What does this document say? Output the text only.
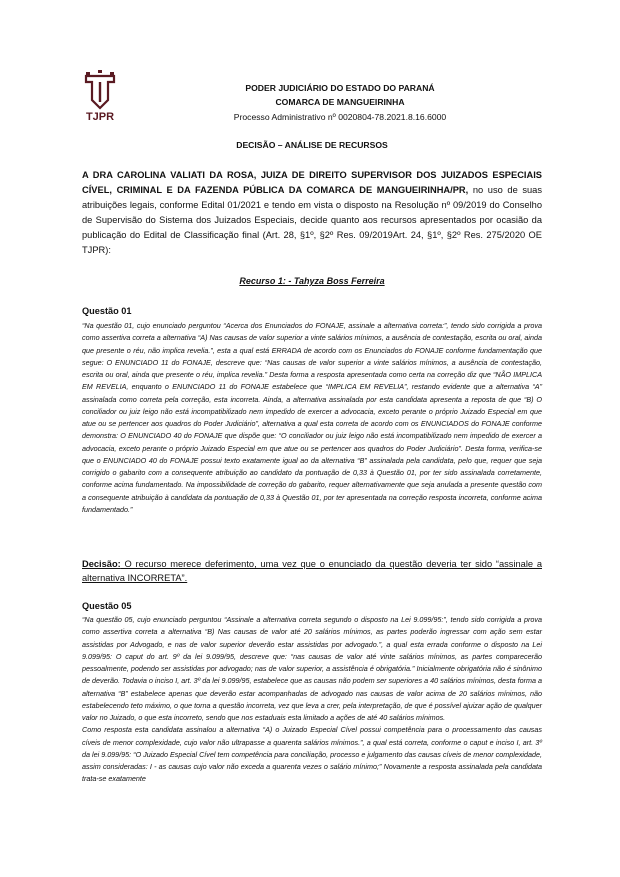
TJPR
PODER JUDICIÁRIO DO ESTADO DO PARANÁ
COMARCA DE MANGUEIRINHA
Processo Administrativo nº 0020804-78.2021.8.16.6000
DECISÃO – ANÁLISE DE RECURSOS
A DRA CAROLINA VALIATI DA ROSA, JUIZA DE DIREITO SUPERVISOR DOS JUIZADOS ESPECIAIS CÍVEL, CRIMINAL E DA FAZENDA PÚBLICA DA COMARCA DE MANGUEIRINHA/PR, no uso de suas atribuições legais, conforme Edital 01/2021 e tendo em vista o disposto na Resolução nº 09/2019 do Conselho de Supervisão do Sistema dos Juizados Especiais, decide quanto aos recursos apresentados por ocasião da publicação do Edital de Classificação final (Art. 28, §1º, §2º Res. 09/2019Art. 24, §1º, §2º Res. 275/2020 OE TJPR):
Recurso 1: - Tahyza Boss Ferreira
Questão 01
“Na questão 01, cujo enunciado perguntou “Acerca dos Enunciados do FONAJE, assinale a alternativa correta:”, tendo sido corrigida a prova como assertiva correta a alternativa “A) Nas causas de valor superior a vinte salários mínimos, a ausência de contestação, escrita ou oral, ainda que presente o réu, não implica revelia.”, esta a qual está ERRADA de acordo com os Enunciados do FONAJE conforme fundamentação que segue: O ENUNCIADO 11 do FONAJE, descreve que: “Nas causas de valor superior a vinte salários mínimos, a ausência de contestação, escrita ou oral, ainda que presente o réu, implica revelia.” Desta forma a resposta apresentada como certa na correção diz que “NÃO IMPLICA EM REVELIA, enquanto o ENUNCIADO 11 do FONAJE estabelece que “IMPLICA EM REVELIA”, restando evidente que a alternativa “A” assinalada como correta pela correção, esta incorreta. Ainda, a alternativa assinalada por esta candidata apresenta a reposta de que “B) O conciliador ou juiz leigo não está incompatibilizado nem impedido de exercer a advocacia, exceto perante o próprio Juizado Especial em que atue ou se pertencer aos quadros do Poder Judiciário”, alternativa a qual esta correta de acordo com os ENUNCIADOS do FONAJE conforme demonstra: O ENUNCIADO 40 do FONAJE que dispõe que: “O conciliador ou juiz leigo não está incompatibilizado nem impedido de exercer a advocacia, exceto perante o próprio Juizado Especial em que atue ou se pertencer aos quadros do Poder Judiciário”. Desta forma, verifica-se que o ENUNCIADO 40 do FONAJE possui texto exatamente igual ao da alternativa “B” assinalada pela candidata, pelo que, requer que seja corrigido o gabarito com a consequente atribuição ao candidato da pontuação de 0,33 à Questão 01, por ter sido assinalada corretamente, conforme acima fundamentado. Na impossibilidade de correção do gabarito, requer alternativamente que seja anulada a presente questão com a consequente atribuição à candidata da pontuação de 0,33 à Questão 01, por ter apresentada na correção resposta incorreta, conforme acima fundamentado.”
Decisão: O recurso merece deferimento, uma vez que o enunciado da questão deveria ter sido “assinale a alternativa INCORRETA”.
Questão 05
“Na questão 05, cujo enunciado perguntou “Assinale a alternativa correta segundo o disposto na Lei 9.099/95:”, tendo sido corrigida a prova como assertiva correta a alternativa “B) Nas causas de valor até 20 salários mínimos, as partes poderão ingressar com ação sem estar assistidas por Advogado, e nas de valor superior deverão estar assistidas por advogado.”, a qual esta errada conforme o disposto na Lei 9.099/95: O caput do art. 9º da lei 9.099/95, descreve que: “nas causas de valor até vinte salários mínimos, as partes comparecerão pessoalmente, podendo ser assistidas por advogado; nas de valor superior, a assistência é obrigatória.” Inicialmente obrigatória não é sinônimo de deverão. Todavia o inciso I, art. 3º da lei 9.099/95, estabelece que as causas não podem ser superiores a 40 salários mínimos, desta forma a alternativa “B” estabelece apenas que deverão estar acompanhadas de advogado nas causas de valor acima de 20 salários mínimos, não estabelecendo teto máximo, o que torna a questão incorreta, vez que leva a crer, pela interpretação, de que é possível ajuizar ação de qualquer valor no Juizado, o que esta incorreto, sendo que nos estaduais esta limitado a ações de até 40 salários mínimos.
Como resposta esta candidata assinalou a alternativa “A) o Juizado Especial Cível possui competência para o processamento das causas cíveis de menor complexidade, cujo valor não ultrapasse a quarenta salários mínimos.”, a qual está correta, conforme o caput e inciso I, art. 3º da lei 9.099/95: “O Juizado Especial Cível tem competência para conciliação, processo e julgamento das causas cíveis de menor complexidade, assim consideradas: I - as causas cujo valor não exceda a quarenta vezes o salário mínimo;” Novamente a resposta assinalada pela candidata trata-se exatamente
